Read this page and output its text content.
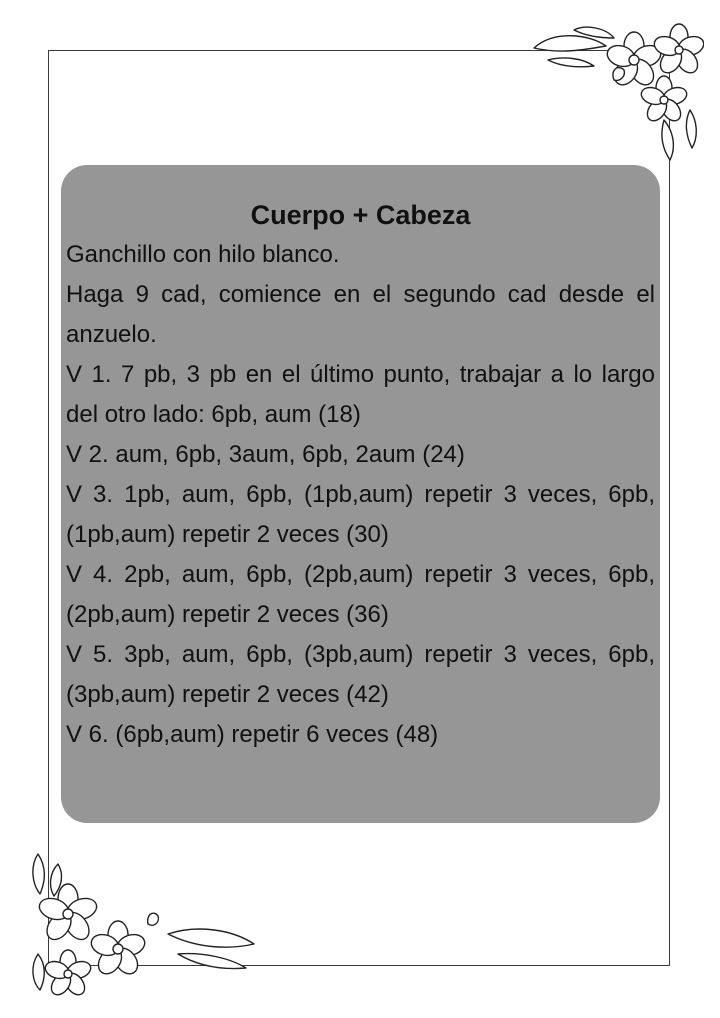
Cuerpo + Cabeza

Ganchillo con hilo blanco.

Haga 9 cad, comience en el segundo cad desde el anzuelo.

V 1. 7 pb, 3 pb en el último punto, trabajar a lo largo del otro lado: 6pb, aum (18)

V 2. aum, 6pb, 3aum, 6pb, 2aum (24)

V 3. 1pb, aum, 6pb, (1pb,aum) repetir 3 veces, 6pb, (1pb,aum) repetir 2 veces (30)

V 4. 2pb, aum, 6pb, (2pb,aum) repetir 3 veces, 6pb, (2pb,aum) repetir 2 veces (36)

V 5. 3pb, aum, 6pb, (3pb,aum) repetir 3 veces, 6pb, (3pb,aum) repetir 2 veces (42)

V 6. (6pb,aum) repetir 6 veces (48)
